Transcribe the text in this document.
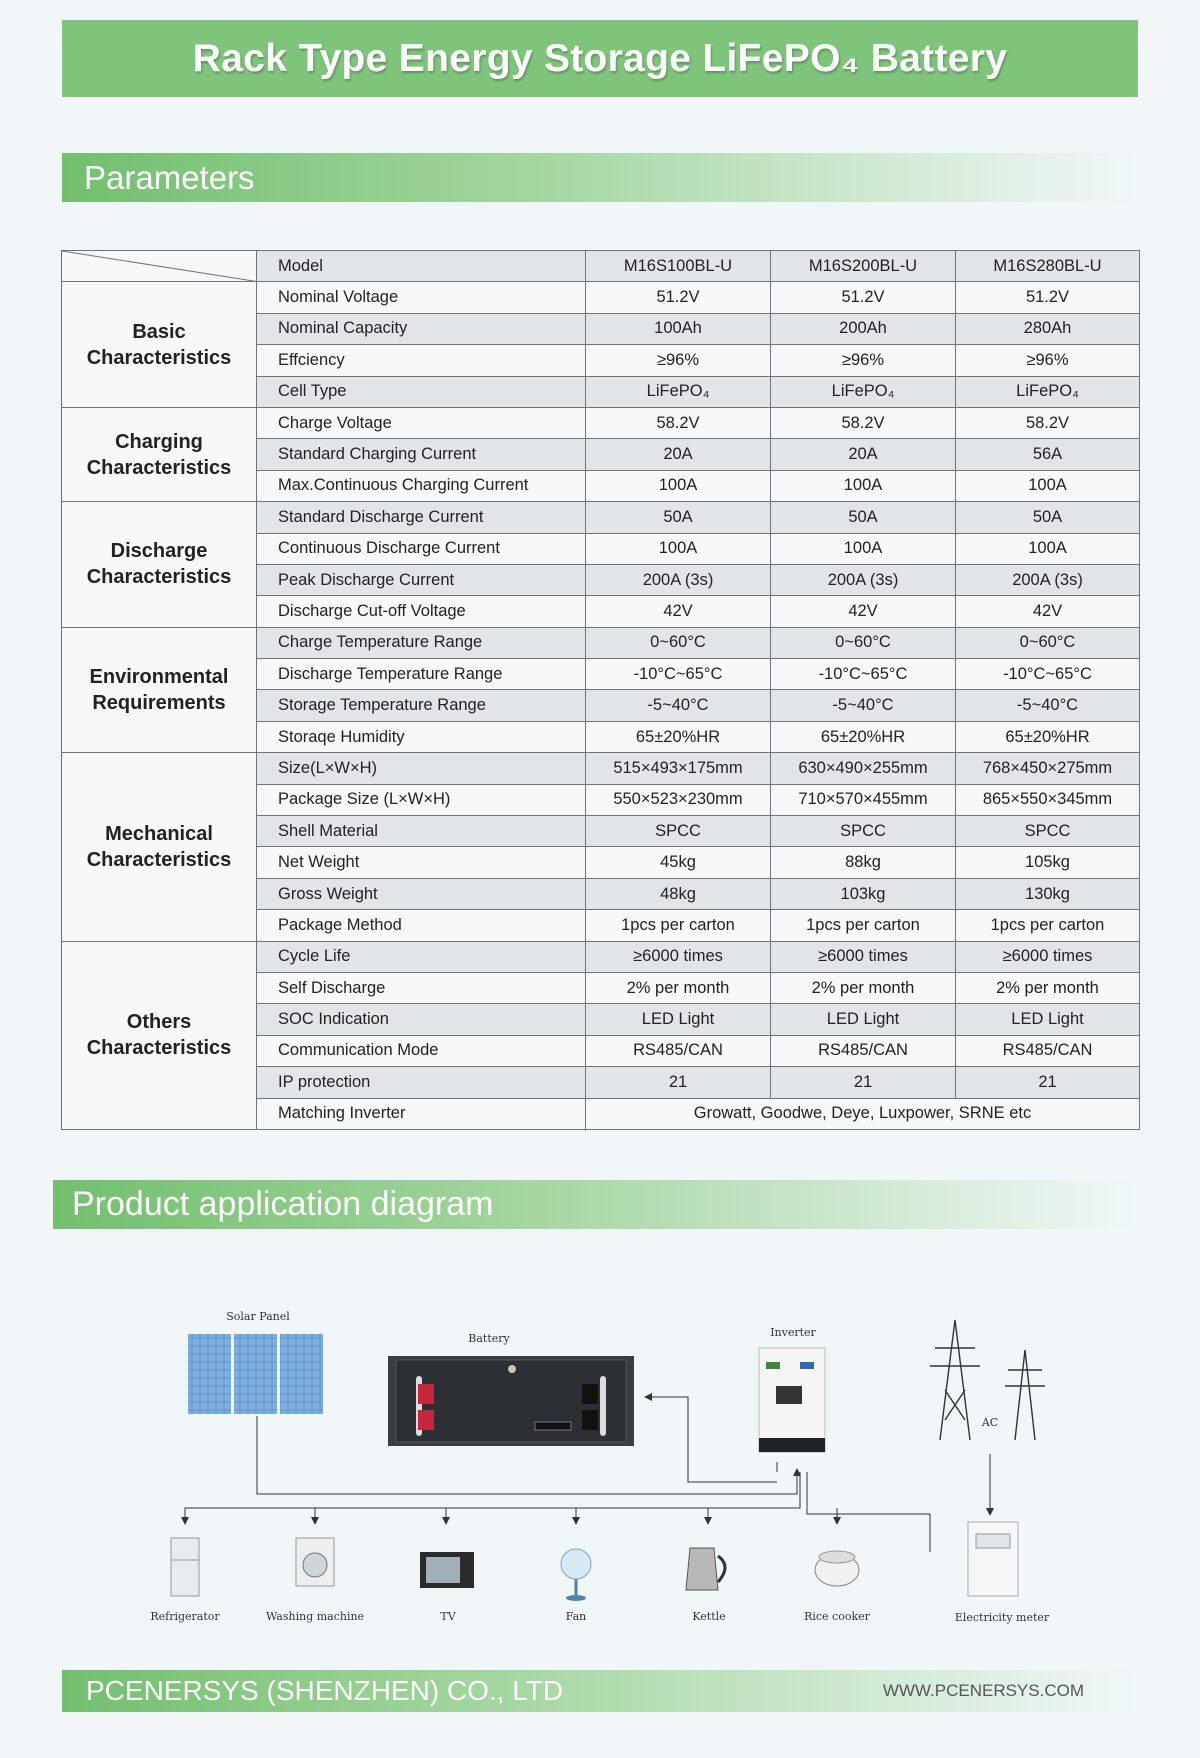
Rack Type Energy Storage LiFePO₄ Battery
Parameters
	Model	M16S100BL-U	M16S200BL-U	M16S280BL-U
Basic Characteristics	Nominal Voltage	51.2V	51.2V	51.2V
	Nominal Capacity	100Ah	200Ah	280Ah
	Effciency	≥96%	≥96%	≥96%
	Cell Type	LiFePO₄	LiFePO₄	LiFePO₄
Charging Characteristics	Charge Voltage	58.2V	58.2V	58.2V
	Standard Charging Current	20A	20A	56A
	Max.Continuous Charging Current	100A	100A	100A
Discharge Characteristics	Standard Discharge Current	50A	50A	50A
	Continuous Discharge Current	100A	100A	100A
	Peak Discharge Current	200A (3s)	200A (3s)	200A (3s)
	Discharge Cut-off Voltage	42V	42V	42V
Environmental Requirements	Charge Temperature Range	0~60°C	0~60°C	0~60°C
	Discharge Temperature Range	-10°C~65°C	-10°C~65°C	-10°C~65°C
	Storage Temperature Range	-5~40°C	-5~40°C	-5~40°C
	Storaqe Humidity	65±20%HR	65±20%HR	65±20%HR
Mechanical Characteristics	Size(L×W×H)	515×493×175mm	630×490×255mm	768×450×275mm
	Package Size (L×W×H)	550×523×230mm	710×570×455mm	865×550×345mm
	Shell Material	SPCC	SPCC	SPCC
	Net Weight	45kg	88kg	105kg
	Gross Weight	48kg	103kg	130kg
	Package Method	1pcs per carton	1pcs per carton	1pcs per carton
Others Characteristics	Cycle Life	≥6000 times	≥6000 times	≥6000 times
	Self Discharge	2% per month	2% per month	2% per month
	SOC Indication	LED Light	LED Light	LED Light
	Communication Mode	RS485/CAN	RS485/CAN	RS485/CAN
	IP protection	21	21	21
	Matching Inverter	Growatt, Goodwe, Deye, Luxpower, SRNE etc		
Product application diagram
Solar Panel
Battery	Inverter
AC
Refrigerator	Washing machine	TV	Fan	Kettle	Rice cooker	Electricity meter
PCENERSYS (SHENZHEN) CO., LTD	WWW.PCENERSYS.COM
